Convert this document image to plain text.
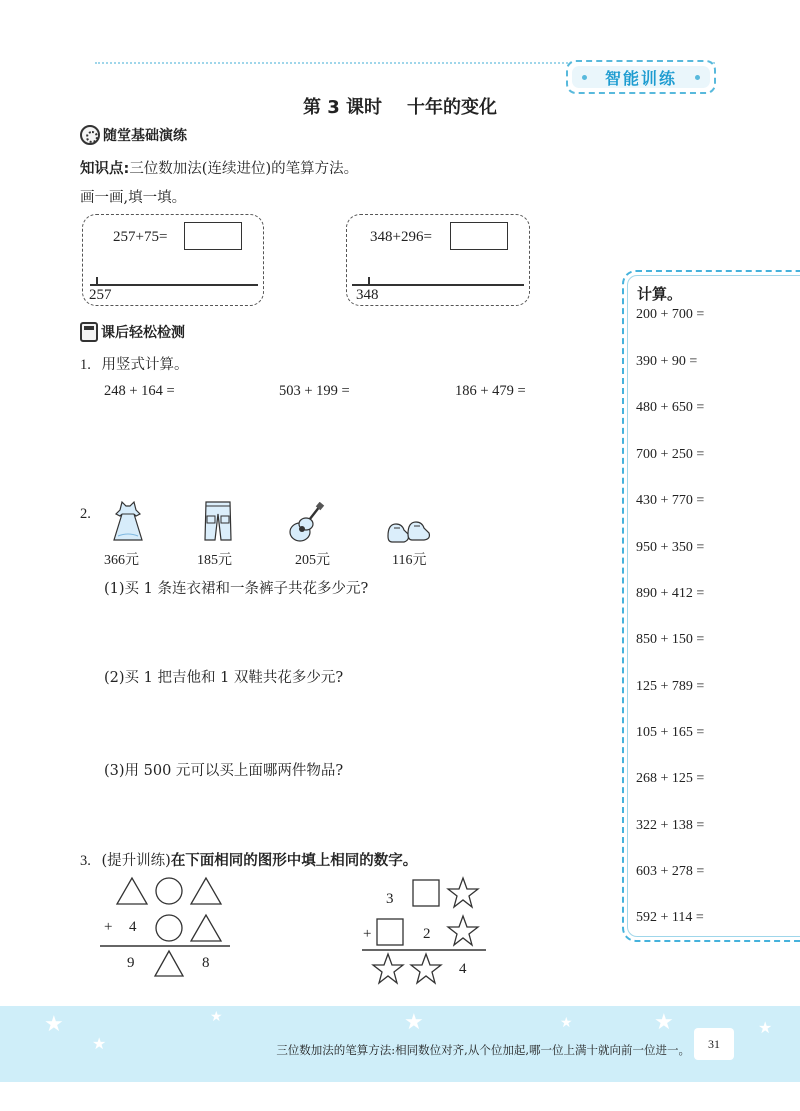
智能训练
第 3 课时    十年的变化
随堂基础演练
知识点:三位数加法(连续进位)的笔算方法。
画一画,填一填。
257+75=
257
348+296=
348
课后轻松检测
1. 用竖式计算。
248 + 164 =	503 + 199 =	186 + 479 =
2.
366元	185元	205元	116元
(1)买 1 条连衣裙和一条裤子共花多少元?
(2)买 1 把吉他和 1 双鞋共花多少元?
(3)用 500 元可以买上面哪两件物品?
3. (提升训练)在下面相同的图形中填上相同的数字。
+ 4
9	8
3
+	2
4
计算。
200 + 700 =
390 + 90 =
480 + 650 =
700 + 250 =
430 + 770 =
950 + 350 =
890 + 412 =
850 + 150 =
125 + 789 =
105 + 165 =
268 + 125 =
322 + 138 =
603 + 278 =
592 + 114 =
★
★
★	★	★	★	★
三位数加法的笔算方法:相同数位对齐,从个位加起,哪一位上满十就向前一位进一。	31
